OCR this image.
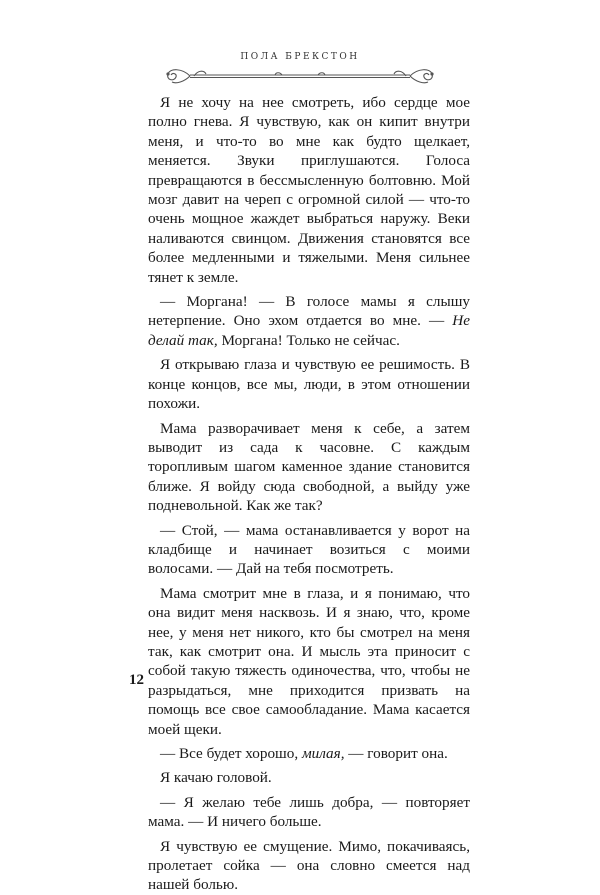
ПОЛА БРЕКСТОН

Я не хочу на нее смотреть, ибо сердце мое полно гнева. Я чувствую, как он кипит внутри меня, и что-то во мне как будто щелкает, меняется. Звуки приглушаются. Голоса превращаются в бессмысленную болтовню. Мой мозг давит на череп с огромной силой — что-то очень мощное жаждет выбраться наружу. Веки наливаются свинцом. Движения становятся все более медленными и тяжелыми. Меня сильнее тянет к земле.

— Моргана! — В голосе мамы я слышу нетерпение. Оно эхом отдается во мне. — Не делай так, Моргана! Только не сейчас.

Я открываю глаза и чувствую ее решимость. В конце концов, все мы, люди, в этом отношении похожи.

Мама разворачивает меня к себе, а затем выводит из сада к часовне. С каждым торопливым шагом каменное здание становится ближе. Я войду сюда свободной, а выйду уже подневольной. Как же так?

— Стой, — мама останавливается у ворот на кладбище и начинает возиться с моими волосами. — Дай на тебя посмотреть.

Мама смотрит мне в глаза, и я понимаю, что она видит меня насквозь. И я знаю, что, кроме нее, у меня нет никого, кто бы смотрел на меня так, как смотрит она. И мысль эта приносит с собой такую тяжесть одиночества, что, чтобы не разрыдаться, мне приходится призвать на помощь все свое самообладание. Мама касается моей щеки.

— Все будет хорошо, милая, — говорит она.

Я качаю головой.

— Я желаю тебе лишь добра, — повторяет мама. — И ничего больше.

Я чувствую ее смущение. Мимо, покачиваясь, пролетает сойка — она словно смеется над нашей болью.

12
